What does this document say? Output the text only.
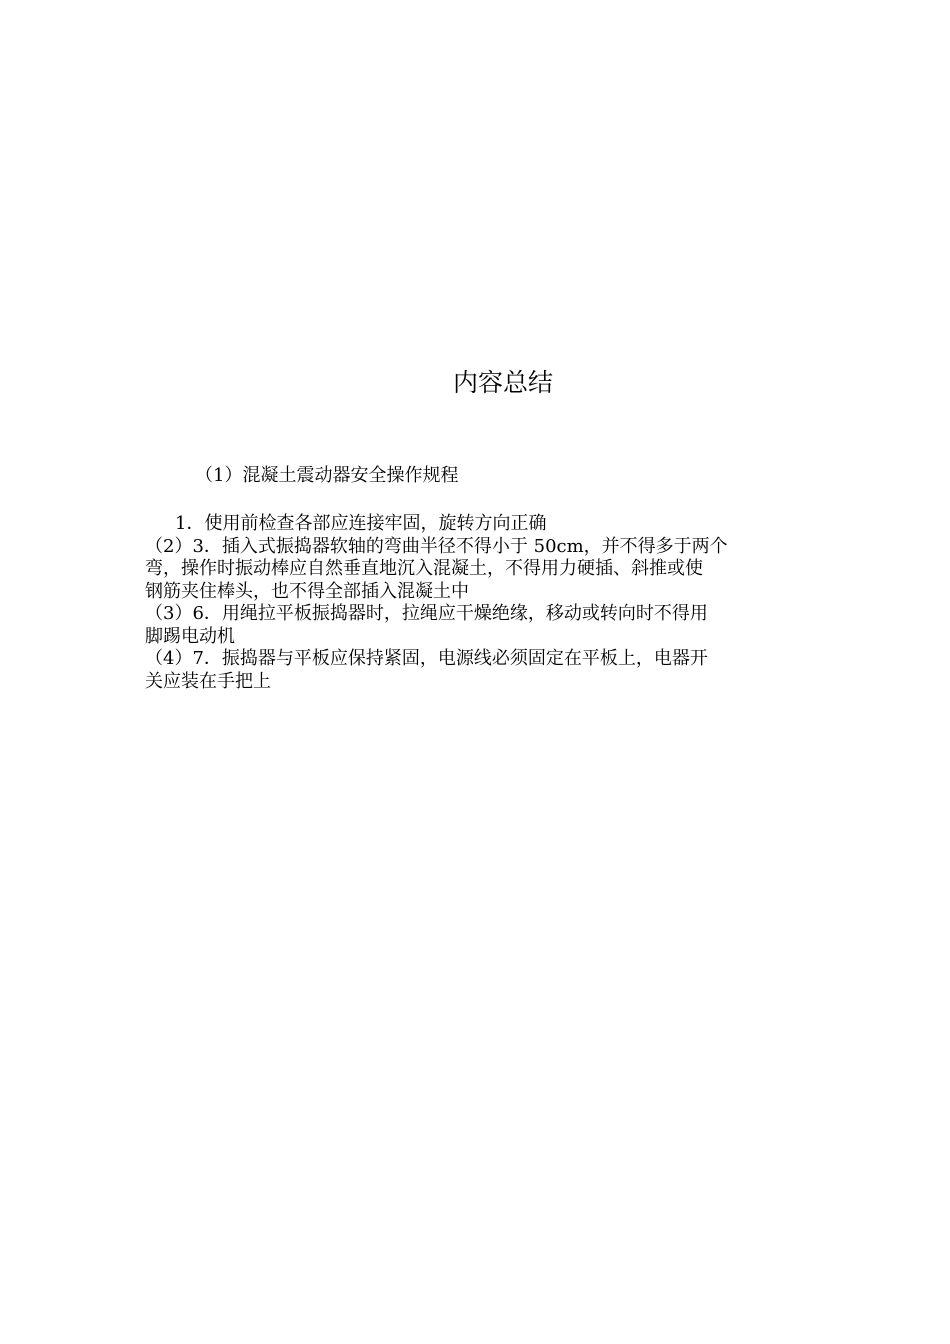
内容总结
（1）混凝土震动器安全操作规程

1．使用前检查各部应连接牢固，旋转方向正确

（2）3．插入式振捣器软轴的弯曲半径不得小于 50cm，并不得多于两个

弯，操作时振动棒应自然垂直地沉入混凝土，不得用力硬插、斜推或使

钢筋夹住棒头，也不得全部插入混凝土中

（3）6．用绳拉平板振捣器时，拉绳应干燥绝缘，移动或转向时不得用

脚踢电动机

（4）7．振捣器与平板应保持紧固，电源线必须固定在平板上，电器开

关应装在手把上
